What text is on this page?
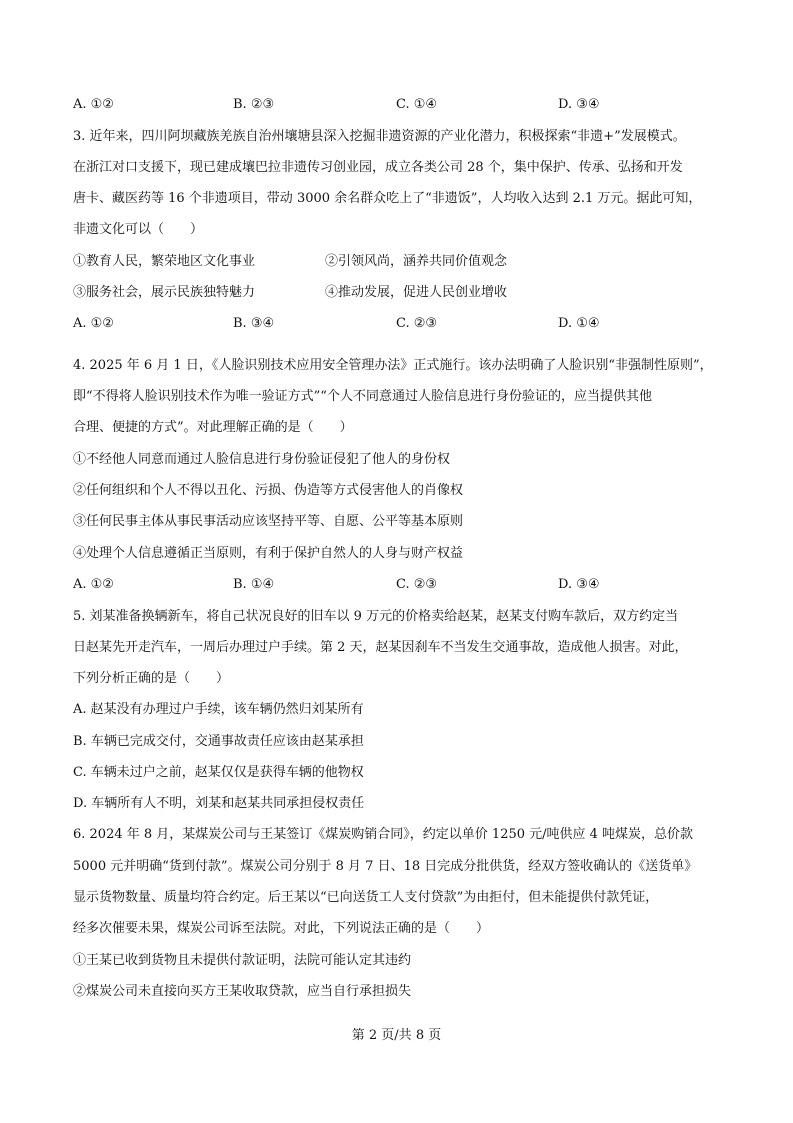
A. ①②	B. ②③	C. ①④	D. ③④
3. 近年来，四川阿坝藏族羌族自治州壤塘县深入挖掘非遗资源的产业化潜力，积极探索“非遗+”发展模式。
在浙江对口支援下，现已建成壤巴拉非遗传习创业园，成立各类公司 28 个，集中保护、传承、弘扬和开发
唐卡、藏医药等 16 个非遗项目，带动 3000 余名群众吃上了“非遗饭”，人均收入达到 2.1 万元。据此可知，
非遗文化可以（　　）
①教育人民，繁荣地区文化事业	②引领风尚，涵养共同价值观念
③服务社会，展示民族独特魅力	④推动发展，促进人民创业增收
A. ①②	B. ③④	C. ②③	D. ①④
4. 2025 年 6 月 1 日，《人脸识别技术应用安全管理办法》正式施行。该办法明确了人脸识别“非强制性原则”，
即“不得将人脸识别技术作为唯一验证方式”“个人不同意通过人脸信息进行身份验证的，应当提供其他
合理、便捷的方式”。对此理解正确的是（　　）
①不经他人同意而通过人脸信息进行身份验证侵犯了他人的身份权
②任何组织和个人不得以丑化、污损、伪造等方式侵害他人的肖像权
③任何民事主体从事民事活动应该坚持平等、自愿、公平等基本原则
④处理个人信息遵循正当原则，有利于保护自然人的人身与财产权益
A. ①②	B. ①④	C. ②③	D. ③④
5. 刘某准备换辆新车，将自己状况良好的旧车以 9 万元的价格卖给赵某，赵某支付购车款后，双方约定当
日赵某先开走汽车，一周后办理过户手续。第 2 天，赵某因刹车不当发生交通事故，造成他人损害。对此，
下列分析正确的是（　　）
A. 赵某没有办理过户手续，该车辆仍然归刘某所有
B. 车辆已完成交付，交通事故责任应该由赵某承担
C. 车辆未过户之前，赵某仅仅是获得车辆的他物权
D. 车辆所有人不明，刘某和赵某共同承担侵权责任
6. 2024 年 8 月，某煤炭公司与王某签订《煤炭购销合同》，约定以单价 1250 元/吨供应 4 吨煤炭，总价款
5000 元并明确“货到付款”。煤炭公司分别于 8 月 7 日、18 日完成分批供货，经双方签收确认的《送货单》
显示货物数量、质量均符合约定。后王某以“已向送货工人支付贷款”为由拒付，但未能提供付款凭证，
经多次催要未果，煤炭公司诉至法院。对此，下列说法正确的是（　　）
①王某已收到货物且未提供付款证明，法院可能认定其违约
②煤炭公司未直接向买方王某收取贷款，应当自行承担损失
第 2 页/共 8 页
